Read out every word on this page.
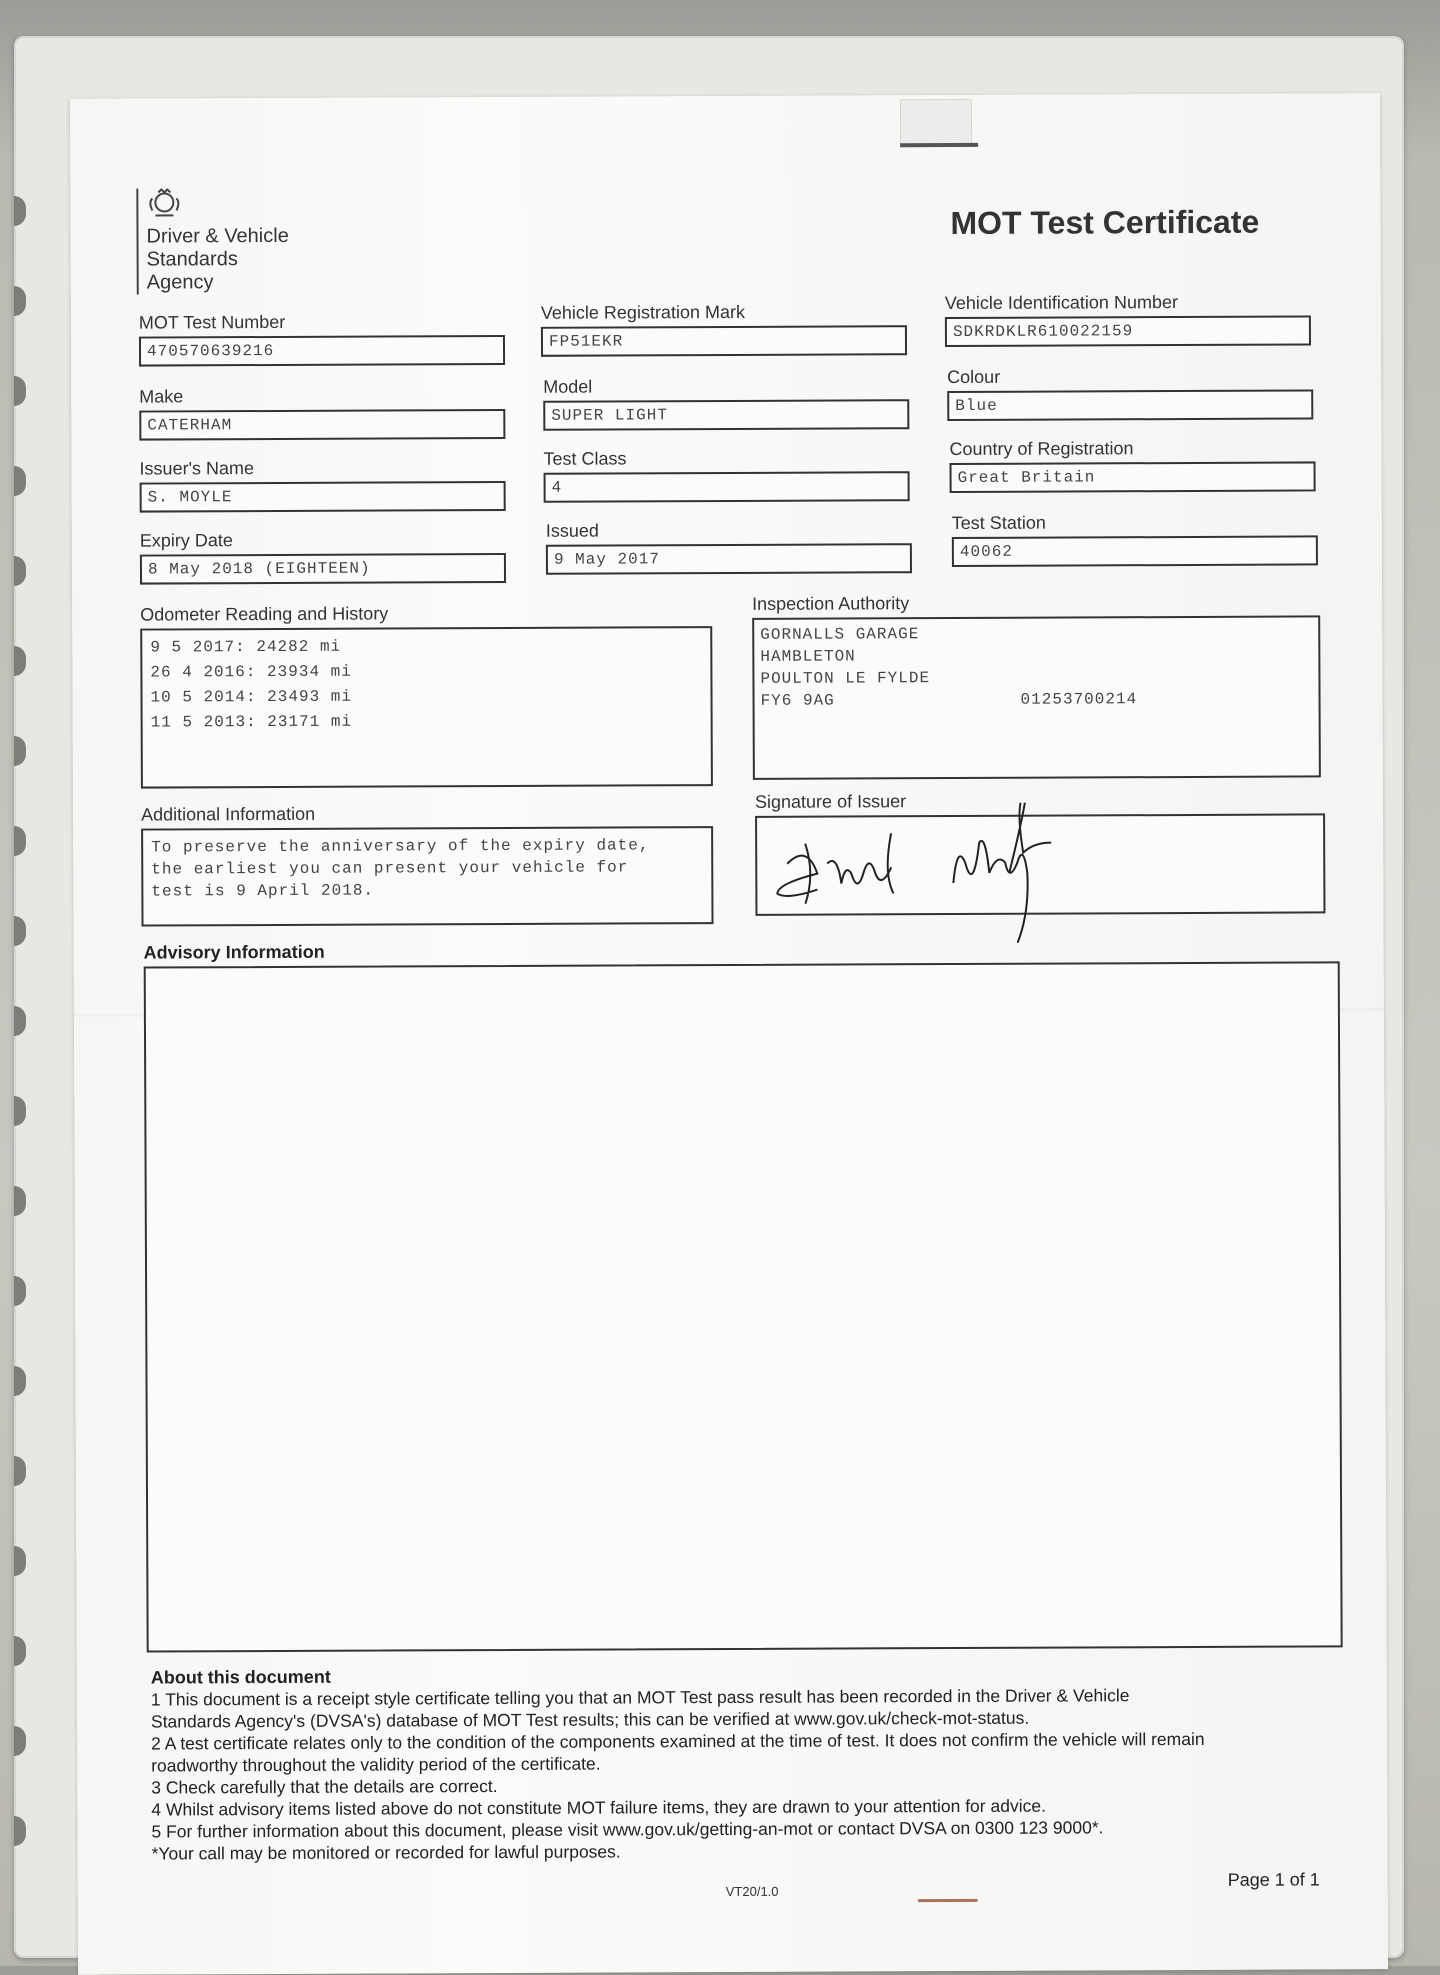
Driver & Vehicle

Standards

Agency

MOT Test Certificate
MOT Test Number
470570639216
Vehicle Registration Mark
FP51EKR
Vehicle Identification Number
SDKRDKLR610022159
Make
CATERHAM
Model
SUPER LIGHT
Colour
Blue
Issuer's Name
S. MOYLE
Test Class
4
Country of Registration
Great Britain
Expiry Date
8 May 2018 (EIGHTEEN)
Issued
9 May 2017
Test Station
40062
Odometer Reading and History

9 5 2017: 24282 mi

26 4 2016: 23934 mi

10 5 2014: 23493 mi

11 5 2013: 23171 mi

Inspection Authority

GORNALLS GARAGE

HAMBLETON

POULTON LE FYLDE

FY6 9AG	01253700214

Additional Information

To preserve the anniversary of the expiry date,

the earliest you can present your vehicle for

test is 9 April 2018.

Signature of Issuer
Advisory Information

About this document

1 This document is a receipt style certificate telling you that an MOT Test pass result has been recorded in the Driver & Vehicle

Standards Agency's (DVSA's) database of MOT Test results; this can be verified at www.gov.uk/check-mot-status.

2 A test certificate relates only to the condition of the components examined at the time of test. It does not confirm the vehicle will remain

roadworthy throughout the validity period of the certificate.

3 Check carefully that the details are correct.

4 Whilst advisory items listed above do not constitute MOT failure items, they are drawn to your attention for advice.

5 For further information about this document, please visit www.gov.uk/getting-an-mot or contact DVSA on 0300 123 9000*.

*Your call may be monitored or recorded for lawful purposes.

VT20/1.0
Page 1 of 1
